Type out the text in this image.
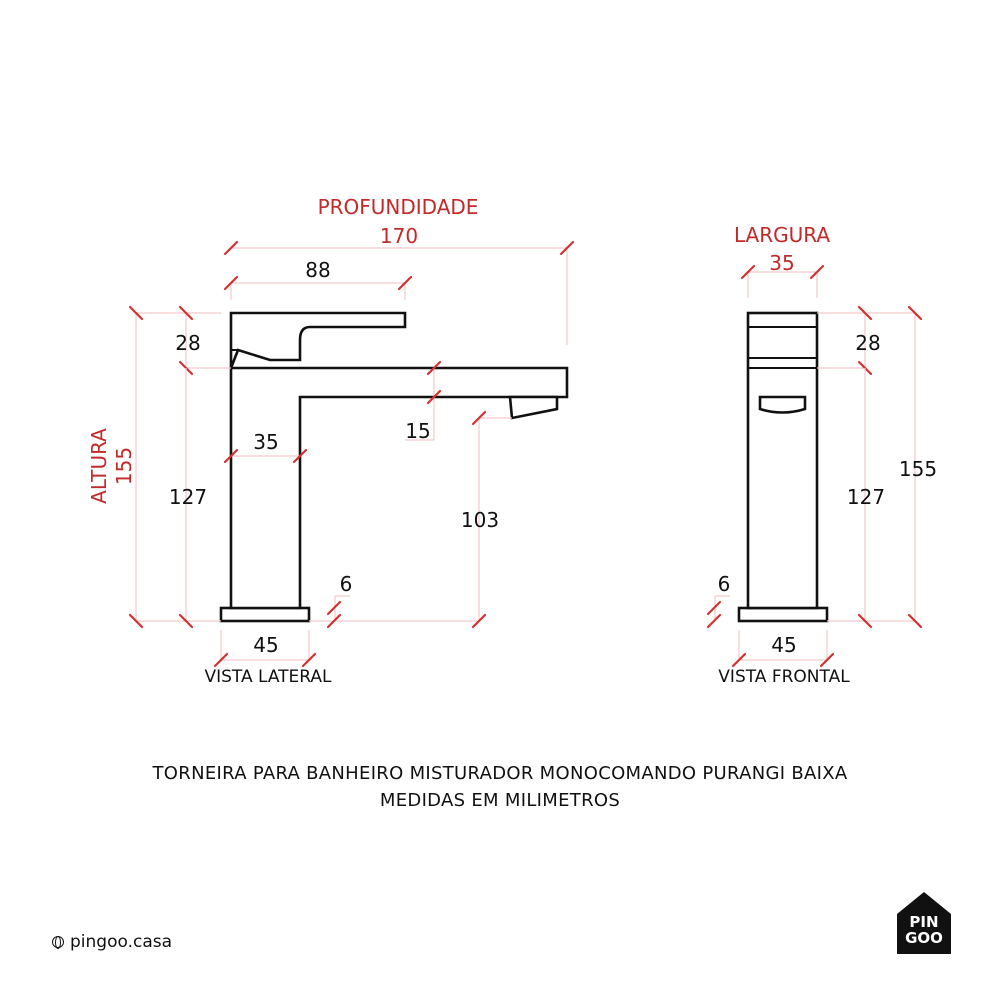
PROFUNDIDADE
170	LARGURA
35
ALTURA 155
88
28
35	15
127
103
6
45
VISTA LATERAL
28
155
127
6
45
VISTA FRONTAL
TORNEIRA PARA BANHEIRO MISTURADOR MONOCOMANDO PURANGI BAIXA
MEDIDAS EM MILIMETROS
pingoo.casa
PIN
GOO
